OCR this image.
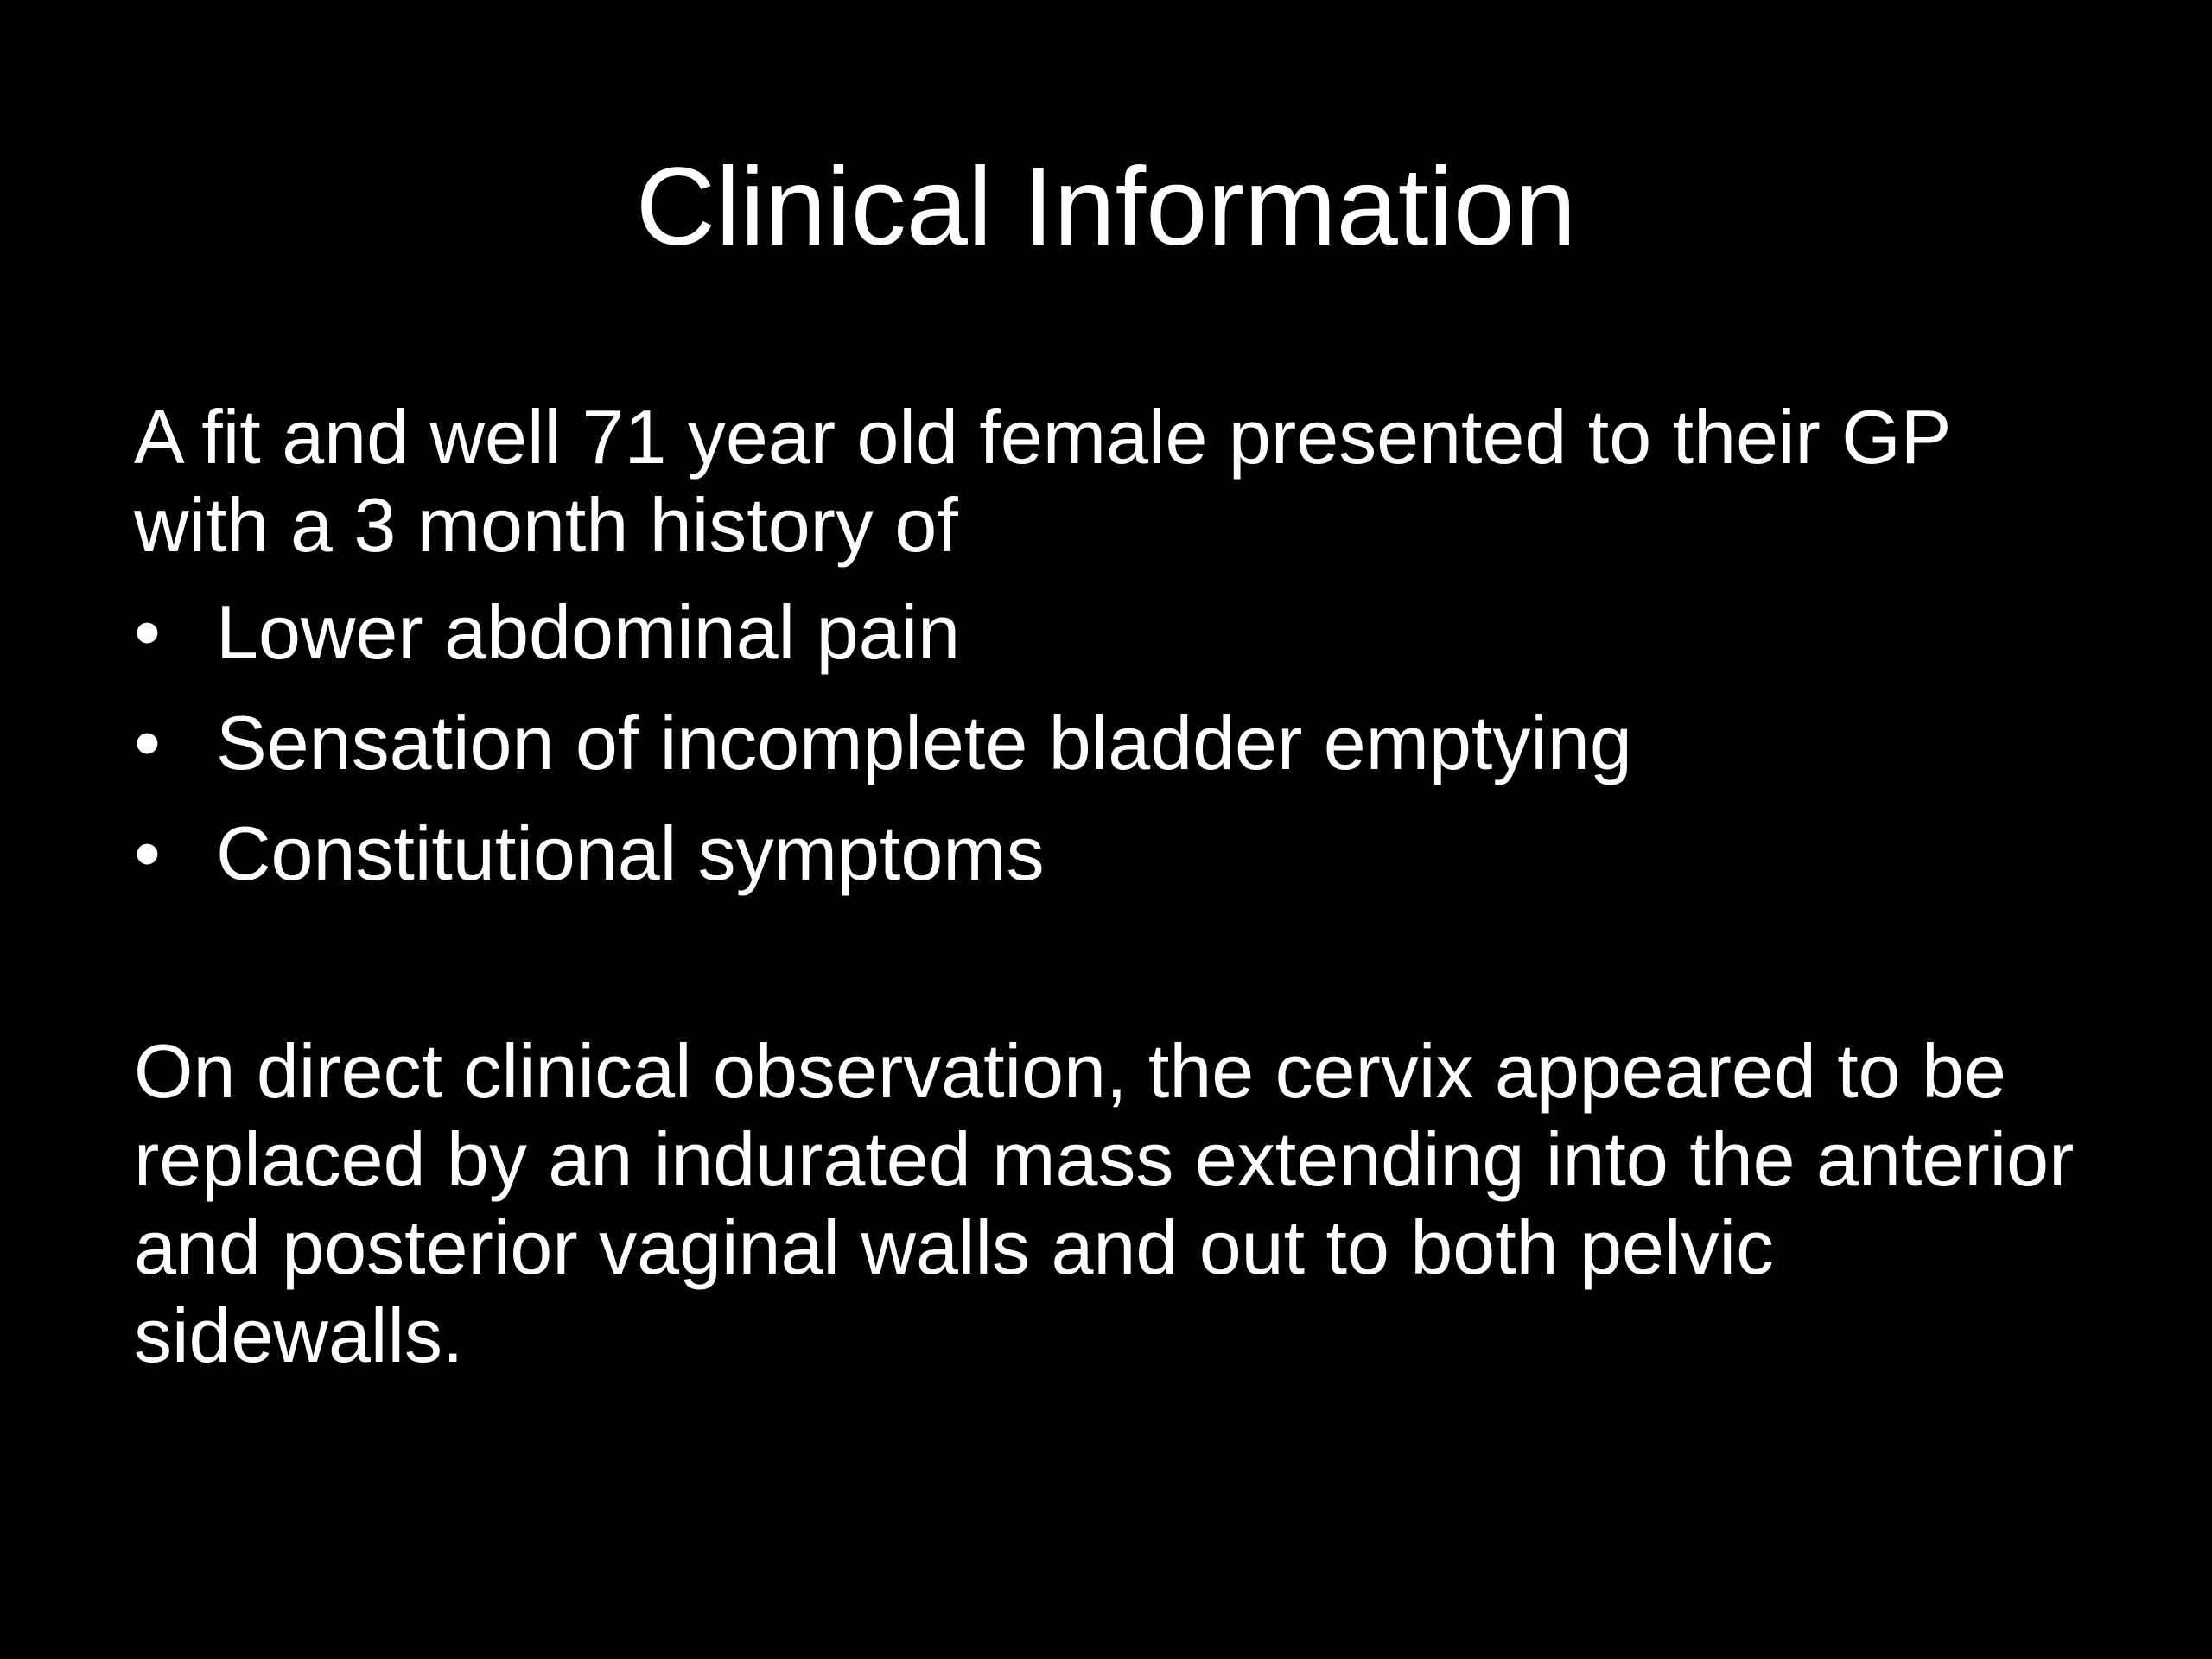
Clinical Information

A fit and well 71 year old female presented to their GP with a 3 month history of

• Lower abdominal pain
• Sensation of incomplete bladder emptying
• Constitutional symptoms

On direct clinical observation, the cervix appeared to be replaced by an indurated mass extending into the anterior and posterior vaginal walls and out to both pelvic sidewalls.
